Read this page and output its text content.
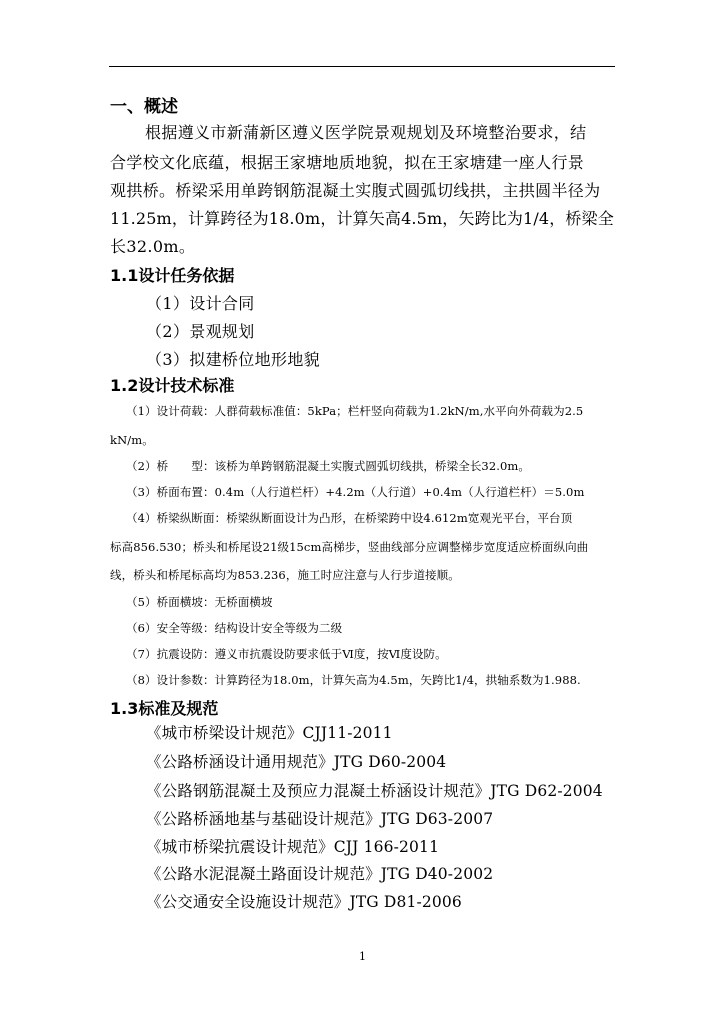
一、概述
根据遵义市新蒲新区遵义医学院景观规划及环境整治要求，结
合学校文化底蕴，根据王家塘地质地貌，拟在王家塘建一座人行景
观拱桥。桥梁采用单跨钢筋混凝土实腹式圆弧切线拱，主拱圆半径为
11.25m，计算跨径为18.0m，计算矢高4.5m，矢跨比为1/4，桥梁全
长32.0m。
1.1设计任务依据
（1）设计合同
（2）景观规划
（3）拟建桥位地形地貌
1.2设计技术标准
（1）设计荷载：人群荷载标准值：5kPa；栏杆竖向荷载为1.2kN/m,水平向外荷载为2.5
kN/m。
（2）桥　　型：该桥为单跨钢筋混凝土实腹式圆弧切线拱，桥梁全长32.0m。
（3）桥面布置：0.4m（人行道栏杆）+4.2m（人行道）+0.4m（人行道栏杆）＝5.0m
（4）桥梁纵断面：桥梁纵断面设计为凸形，在桥梁跨中设4.612m宽观光平台，平台顶
标高856.530；桥头和桥尾设21级15cm高梯步，竖曲线部分应调整梯步宽度适应桥面纵向曲
线，桥头和桥尾标高均为853.236，施工时应注意与人行步道接顺。
（5）桥面横坡：无桥面横坡
（6）安全等级：结构设计安全等级为二级
（7）抗震设防：遵义市抗震设防要求低于Ⅵ度，按Ⅵ度设防。
（8）设计参数：计算跨径为18.0m，计算矢高为4.5m，矢跨比1/4，拱轴系数为1.988.
1.3标准及规范
《城市桥梁设计规范》CJJ11-2011
《公路桥涵设计通用规范》JTG D60-2004
《公路钢筋混凝土及预应力混凝土桥涵设计规范》JTG D62-2004
《公路桥涵地基与基础设计规范》JTG D63-2007
《城市桥梁抗震设计规范》CJJ 166-2011
《公路水泥混凝土路面设计规范》JTG D40-2002
《公交通安全设施设计规范》JTG D81-2006
1
